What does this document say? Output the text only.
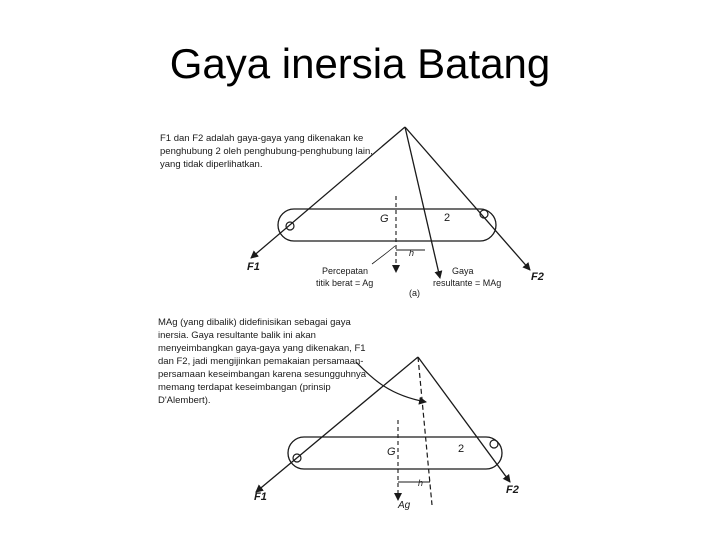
Gaya inersia Batang
F1 dan F2 adalah gaya-gaya yang dikenakan ke penghubung 2 oleh penghubung-penghubung lain, yang tidak diperlihatkan.
MAg (yang dibalik) didefinisikan sebagai gaya inersia. Gaya resultante balik ini akan menyeimbangkan gaya-gaya yang dikenakan, F1 dan F2, jadi mengijinkan pemakaian persamaan-persamaan keseimbangan karena sesungguhnya memang terdapat keseimbangan (prinsip D'Alembert).
F1
F2
G	2
h
Percepatan
titik berat = Ag
Gaya
resultante = MAg
(a)
F1
F2
G	2
h
Ag
